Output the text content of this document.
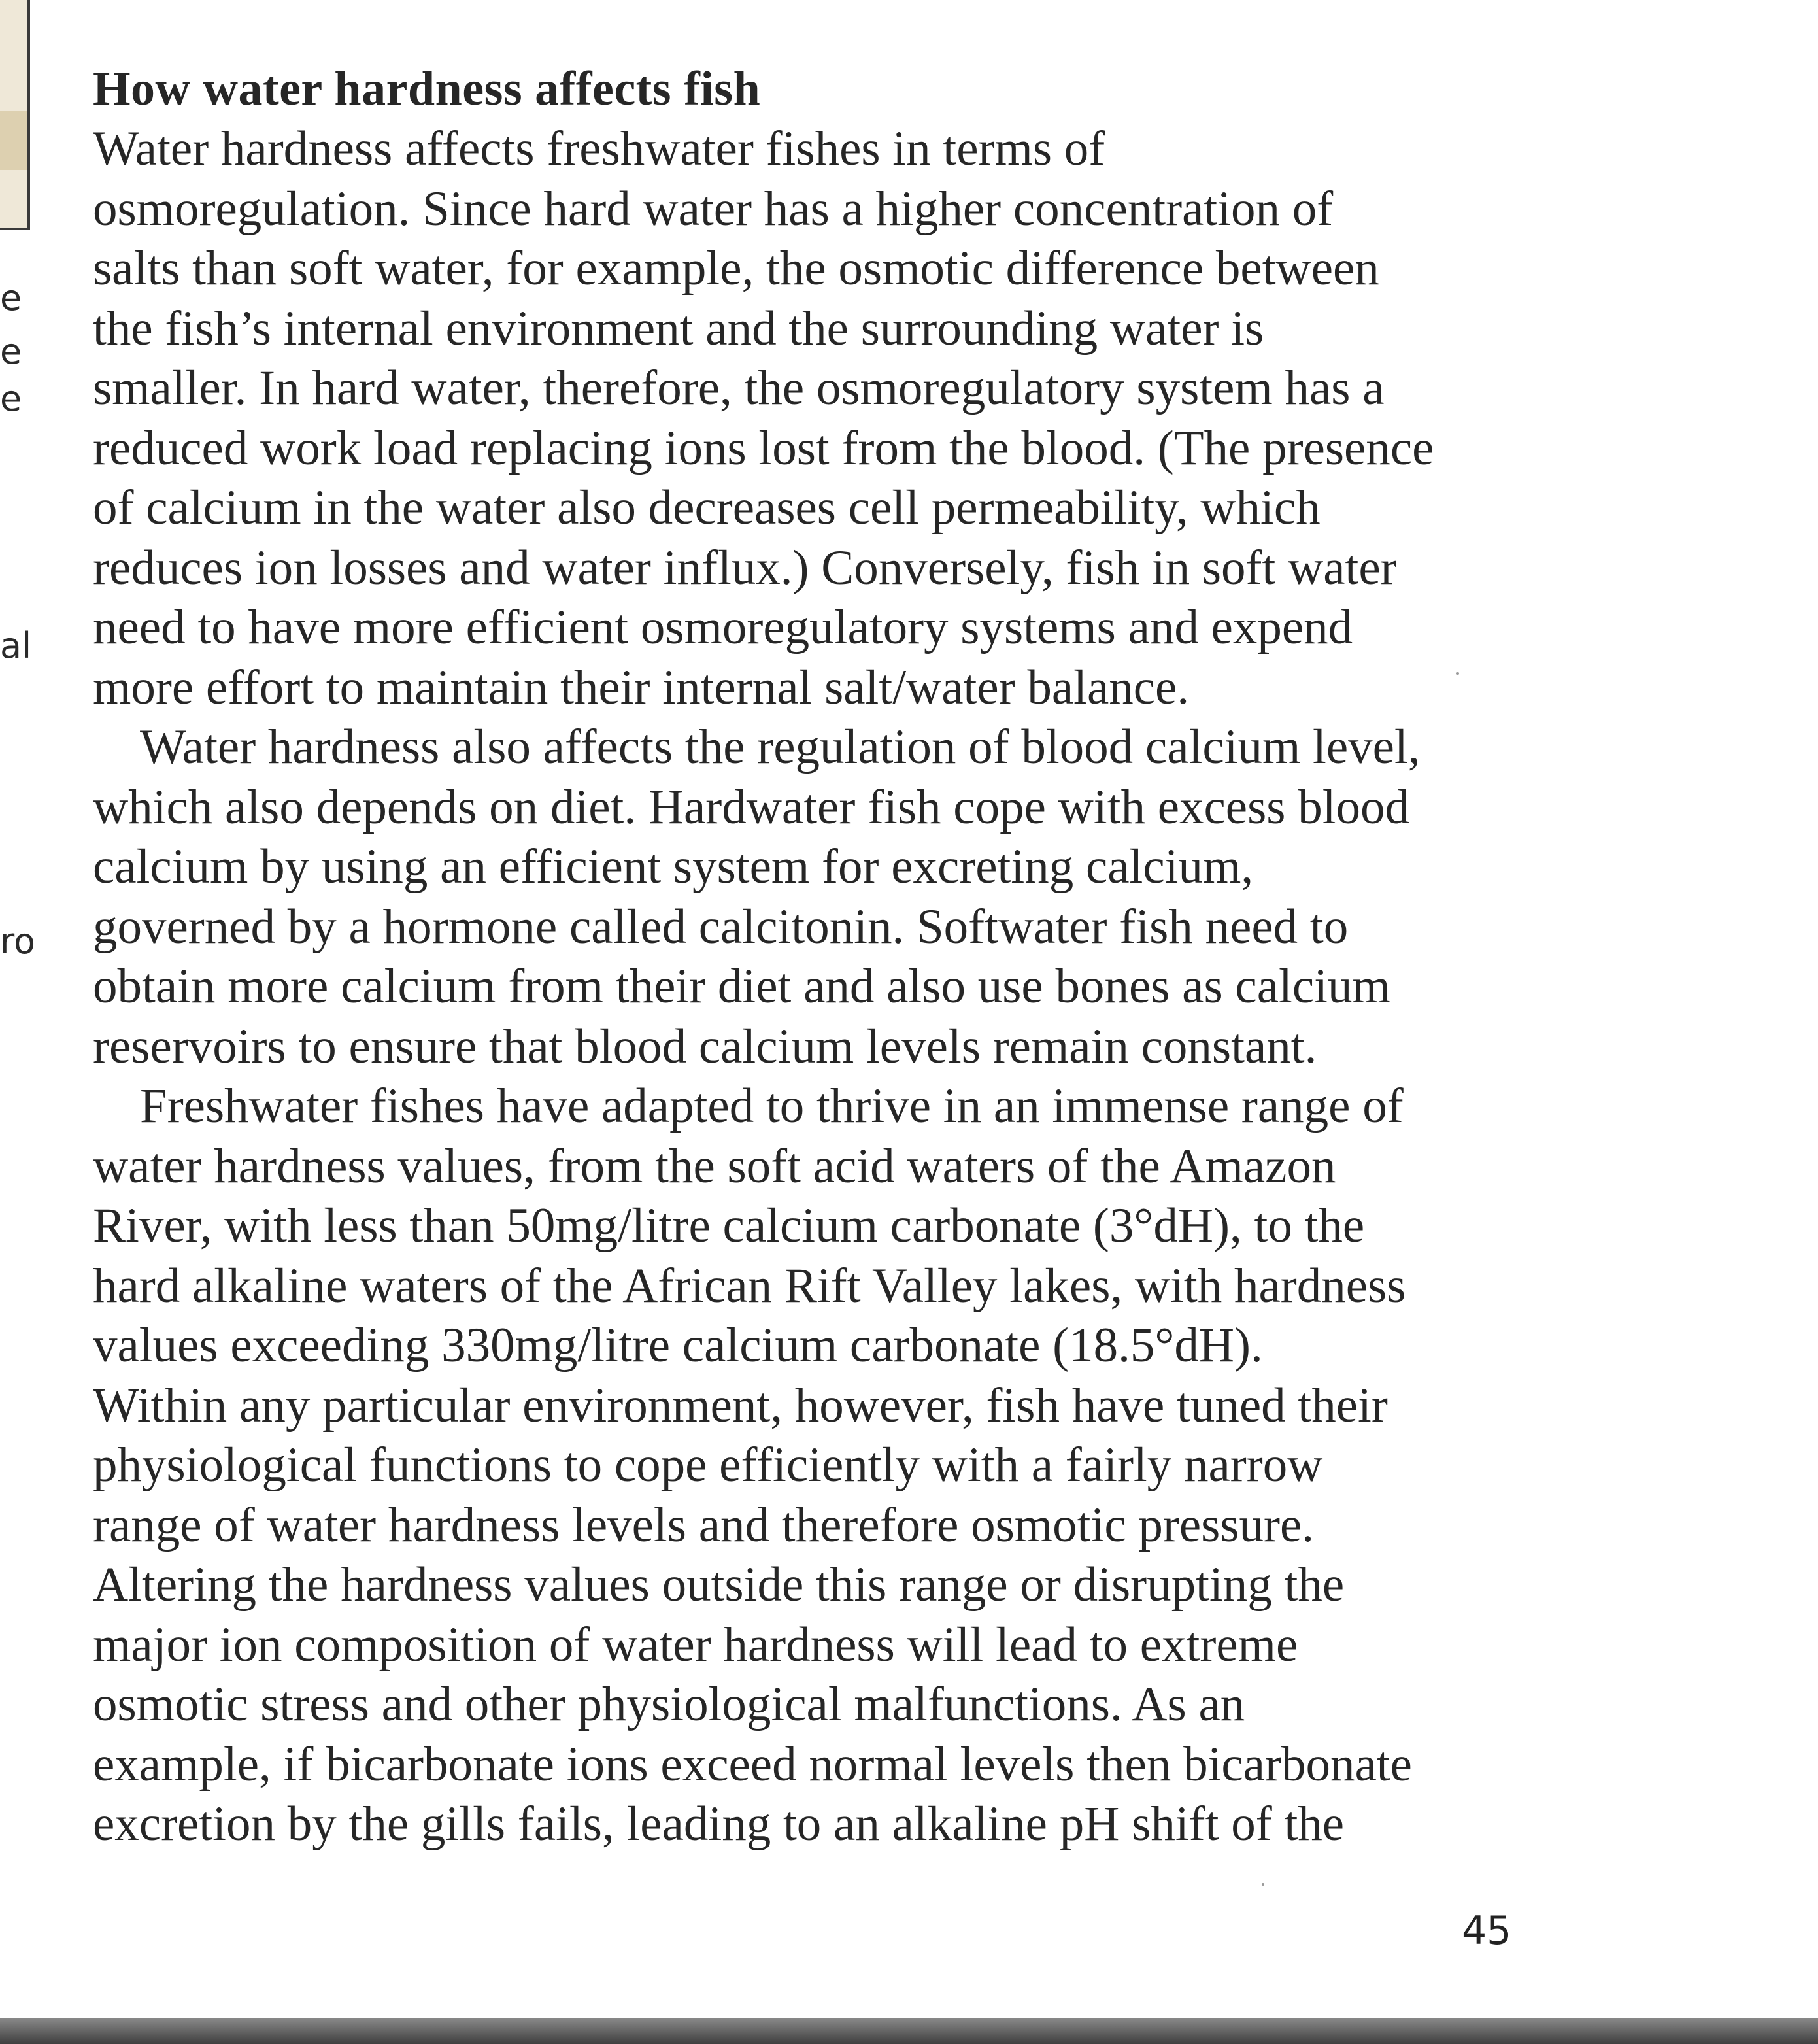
e
e
e
al
ro
How water hardness affects fish

Water hardness affects freshwater fishes in terms of
osmoregulation. Since hard water has a higher concentration of
salts than soft water, for example, the osmotic difference between
the fish’s internal environment and the surrounding water is
smaller. In hard water, therefore, the osmoregulatory system has a
reduced work load replacing ions lost from the blood. (The presence
of calcium in the water also decreases cell permeability, which
reduces ion losses and water influx.) Conversely, fish in soft water
need to have more efficient osmoregulatory systems and expend
more effort to maintain their internal salt/water balance.

Water hardness also affects the regulation of blood calcium level,
which also depends on diet. Hardwater fish cope with excess blood
calcium by using an efficient system for excreting calcium,
governed by a hormone called calcitonin. Softwater fish need to
obtain more calcium from their diet and also use bones as calcium
reservoirs to ensure that blood calcium levels remain constant.

Freshwater fishes have adapted to thrive in an immense range of
water hardness values, from the soft acid waters of the Amazon
River, with less than 50mg/litre calcium carbonate (3°dH), to the
hard alkaline waters of the African Rift Valley lakes, with hardness
values exceeding 330mg/litre calcium carbonate (18.5°dH).
Within any particular environment, however, fish have tuned their
physiological functions to cope efficiently with a fairly narrow
range of water hardness levels and therefore osmotic pressure.
Altering the hardness values outside this range or disrupting the
major ion composition of water hardness will lead to extreme
osmotic stress and other physiological malfunctions. As an
example, if bicarbonate ions exceed normal levels then bicarbonate
excretion by the gills fails, leading to an alkaline pH shift of the

45
